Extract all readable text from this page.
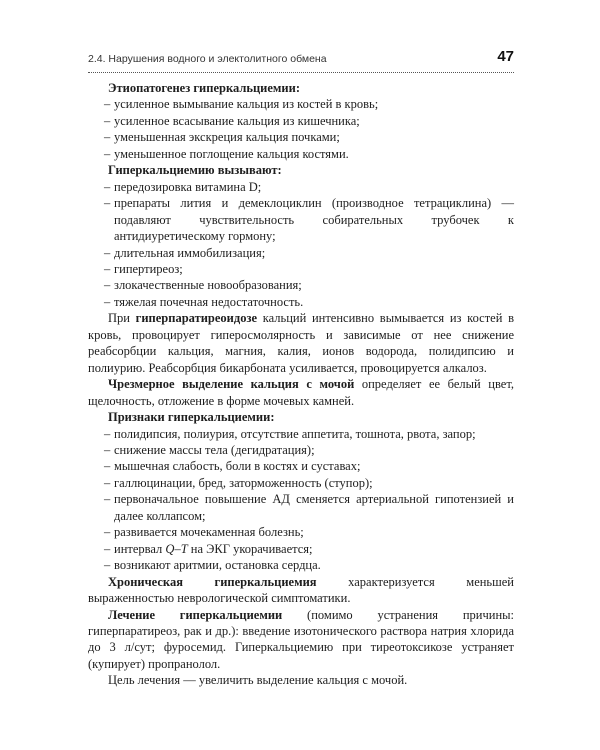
2.4. Нарушения водного и электолитного обмена	47

Этиопатогенез гиперкальциемии:

– усиленное вымывание кальция из костей в кровь;

– усиленное всасывание кальция из кишечника;

– уменьшенная экскреция кальция почками;

– уменьшенное поглощение кальция костями.

Гиперкальциемию вызывают:

– передозировка витамина D;

– препараты лития и демеклоциклин (производное тетрациклина) — подавляют чувствительность собирательных трубочек к антидиуретическому гормону;

– длительная иммобилизация;

– гипертиреоз;

– злокачественные новообразования;

– тяжелая почечная недостаточность.

При гиперпаратиреоидозе кальций интенсивно вымывается из костей в кровь, провоцирует гиперосмолярность и зависимые от нее снижение реабсорбции кальция, магния, калия, ионов водорода, полидипсию и полиурию. Реабсорбция бикарбоната усиливается, провоцируется алкалоз.

Чрезмерное выделение кальция с мочой определяет ее белый цвет, щелочность, отложение в форме мочевых камней.

Признаки гиперкальциемии:

– полидипсия, полиурия, отсутствие аппетита, тошнота, рвота, запор;

– снижение массы тела (дегидратация);

– мышечная слабость, боли в костях и суставах;

– галлюцинации, бред, заторможенность (ступор);

– первоначальное повышение АД сменяется артериальной гипотензией и далее коллапсом;

– развивается мочекаменная болезнь;

– интервал Q–T на ЭКГ укорачивается;

– возникают аритмии, остановка сердца.

Хроническая гиперкальциемия характеризуется меньшей выраженностью неврологической симптоматики.

Лечение гиперкальциемии (помимо устранения причины: гиперпаратиреоз, рак и др.): введение изотонического раствора натрия хлорида до 3 л/сут; фуросемид. Гиперкальциемию при тиреотоксикозе устраняет (купирует) пропранолол.

Цель лечения — увеличить выделение кальция с мочой.
